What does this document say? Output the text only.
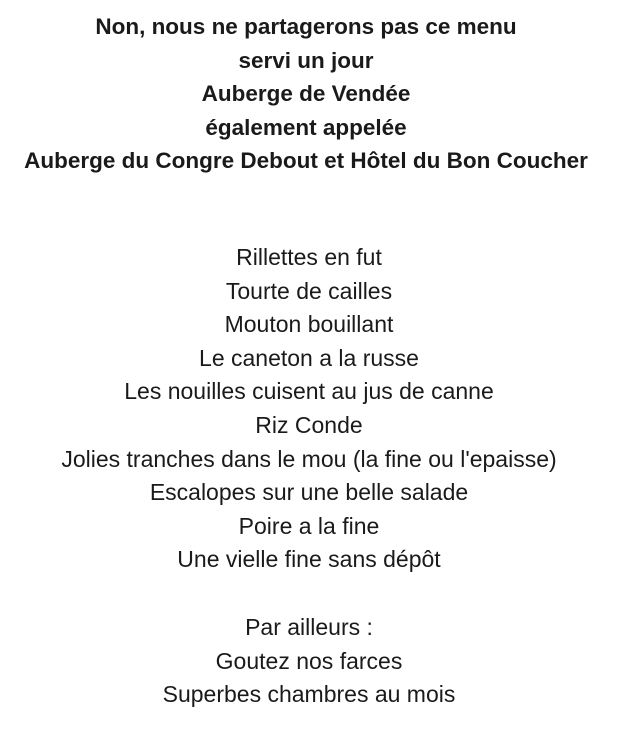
Non, nous ne partagerons pas ce menu
servi un jour
Auberge de Vendée
également appelée
Auberge du Congre Debout et Hôtel du Bon Coucher
Rillettes en fut
Tourte de cailles
Mouton bouillant
Le caneton a la russe
Les nouilles cuisent au jus de canne
Riz Conde
Jolies tranches dans le mou (la fine ou l'epaisse)
Escalopes sur une belle salade
Poire a la fine
Une vielle fine sans dépôt
Par ailleurs :
Goutez nos farces
Superbes chambres au mois
